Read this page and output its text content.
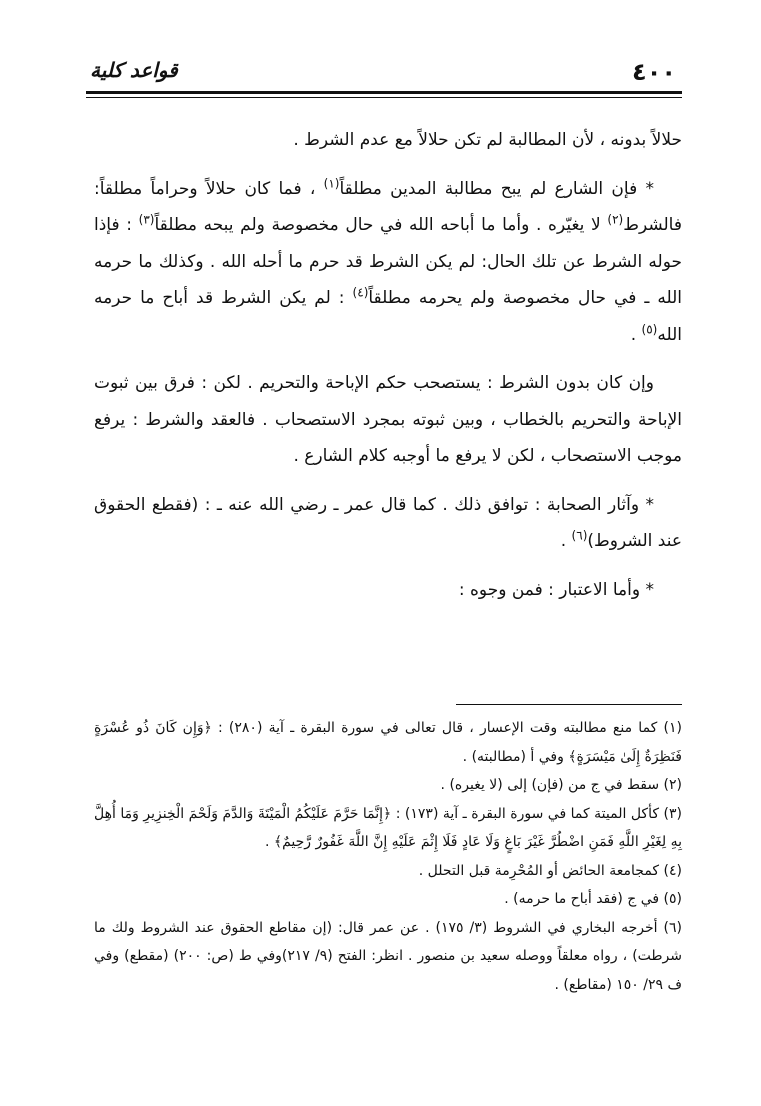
٤٠٠
قواعد كلية

حلالاً بدونه ، لأن المطالبة لم تكن حلالاً مع عدم الشرط .

* فإن الشارع لم يبح مطالبة المدين مطلقاً$^{(١)}$ ، فما كان حلالاً وحراماً مطلقاً: فالشرط$^{(٢)}$ لا يغيّره . وأما ما أباحه الله في حال مخصوصة ولم يبحه مطلقاً$^{(٣)}$ : فإذا حوله الشرط عن تلك الحال: لم يكن الشرط قد حرم ما أحله الله . وكذلك ما حرمه الله ـ في حال مخصوصة ولم يحرمه مطلقاً$^{(٤)}$ : لم يكن الشرط قد أباح ما حرمه الله$^{(٥)}$ .

وإن كان بدون الشرط : يستصحب حكم الإباحة والتحريم . لكن : فرق بين ثبوت الإباحة والتحريم بالخطاب ، وبين ثبوته بمجرد الاستصحاب . فالعقد والشرط : يرفع موجب الاستصحاب ، لكن لا يرفع ما أوجبه كلام الشارع .

* وآثار الصحابة : توافق ذلك . كما قال عمر ـ رضي الله عنه ـ : (فقطع الحقوق عند الشروط)$^{(٦)}$ .

* وأما الاعتبار : فمن وجوه :

(١) كما منع مطالبته وقت الإعسار ، قال تعالى في سورة البقرة ـ آية (٢٨٠) : ﴿وَإِن كَانَ ذُو عُسْرَةٍ فَنَظِرَةٌ إِلَىٰ مَيْسَرَةٍ﴾ وفي أ (مطالبته) .

(٢) سقط في ج من (فإن) إلى (لا يغيره) .

(٣) كأكل الميتة كما في سورة البقرة ـ آية (١٧٣) : ﴿إِنَّمَا حَرَّمَ عَلَيْكُمُ الْمَيْتَةَ وَالدَّمَ وَلَحْمَ الْخِنزِيرِ وَمَا أُهِلَّ بِهِ لِغَيْرِ اللَّهِ فَمَنِ اضْطُرَّ غَيْرَ بَاغٍ وَلَا عَادٍ فَلَا إِثْمَ عَلَيْهِ إِنَّ اللَّهَ غَفُورٌ رَّحِيمٌ﴾ .

(٤) كمجامعة الحائض أو المُحْرِمة قبل التحلل .

(٥) في ج (فقد أباح ما حرمه) .

(٦) أخرجه البخاري في الشروط (٣/ ١٧٥) . عن عمر قال: (إن مقاطع الحقوق عند الشروط ولك ما شرطت) ، رواه معلقاً ووصله سعيد بن منصور . انظر: الفتح (٩/ ٢١٧)وفي ط (ص: ٢٠٠) (مقطع) وفي ف ٢٩/ ١٥٠ (مقاطع) .
